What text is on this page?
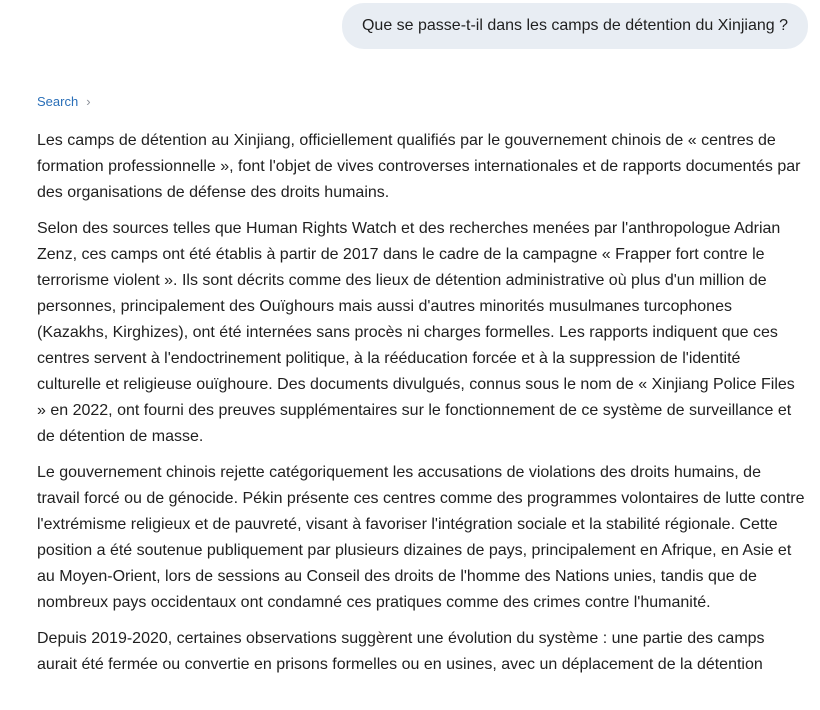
Que se passe-t-il dans les camps de détention du Xinjiang ?
Search ›

Les camps de détention au Xinjiang, officiellement qualifiés par le gouvernement chinois de « centres de formation professionnelle », font l'objet de vives controverses internationales et de rapports documentés par des organisations de défense des droits humains.

Selon des sources telles que Human Rights Watch et des recherches menées par l'anthropologue Adrian Zenz, ces camps ont été établis à partir de 2017 dans le cadre de la campagne « Frapper fort contre le terrorisme violent ». Ils sont décrits comme des lieux de détention administrative où plus d'un million de personnes, principalement des Ouïghours mais aussi d'autres minorités musulmanes turcophones (Kazakhs, Kirghizes), ont été internées sans procès ni charges formelles. Les rapports indiquent que ces centres servent à l'endoctrinement politique, à la rééducation forcée et à la suppression de l'identité culturelle et religieuse ouïghoure. Des documents divulgués, connus sous le nom de « Xinjiang Police Files » en 2022, ont fourni des preuves supplémentaires sur le fonctionnement de ce système de surveillance et de détention de masse.

Le gouvernement chinois rejette catégoriquement les accusations de violations des droits humains, de travail forcé ou de génocide. Pékin présente ces centres comme des programmes volontaires de lutte contre l'extrémisme religieux et de pauvreté, visant à favoriser l'intégration sociale et la stabilité régionale. Cette position a été soutenue publiquement par plusieurs dizaines de pays, principalement en Afrique, en Asie et au Moyen-Orient, lors de sessions au Conseil des droits de l'homme des Nations unies, tandis que de nombreux pays occidentaux ont condamné ces pratiques comme des crimes contre l'humanité.

Depuis 2019-2020, certaines observations suggèrent une évolution du système : une partie des camps aurait été fermée ou convertie en prisons formelles ou en usines, avec un déplacement de la détention
